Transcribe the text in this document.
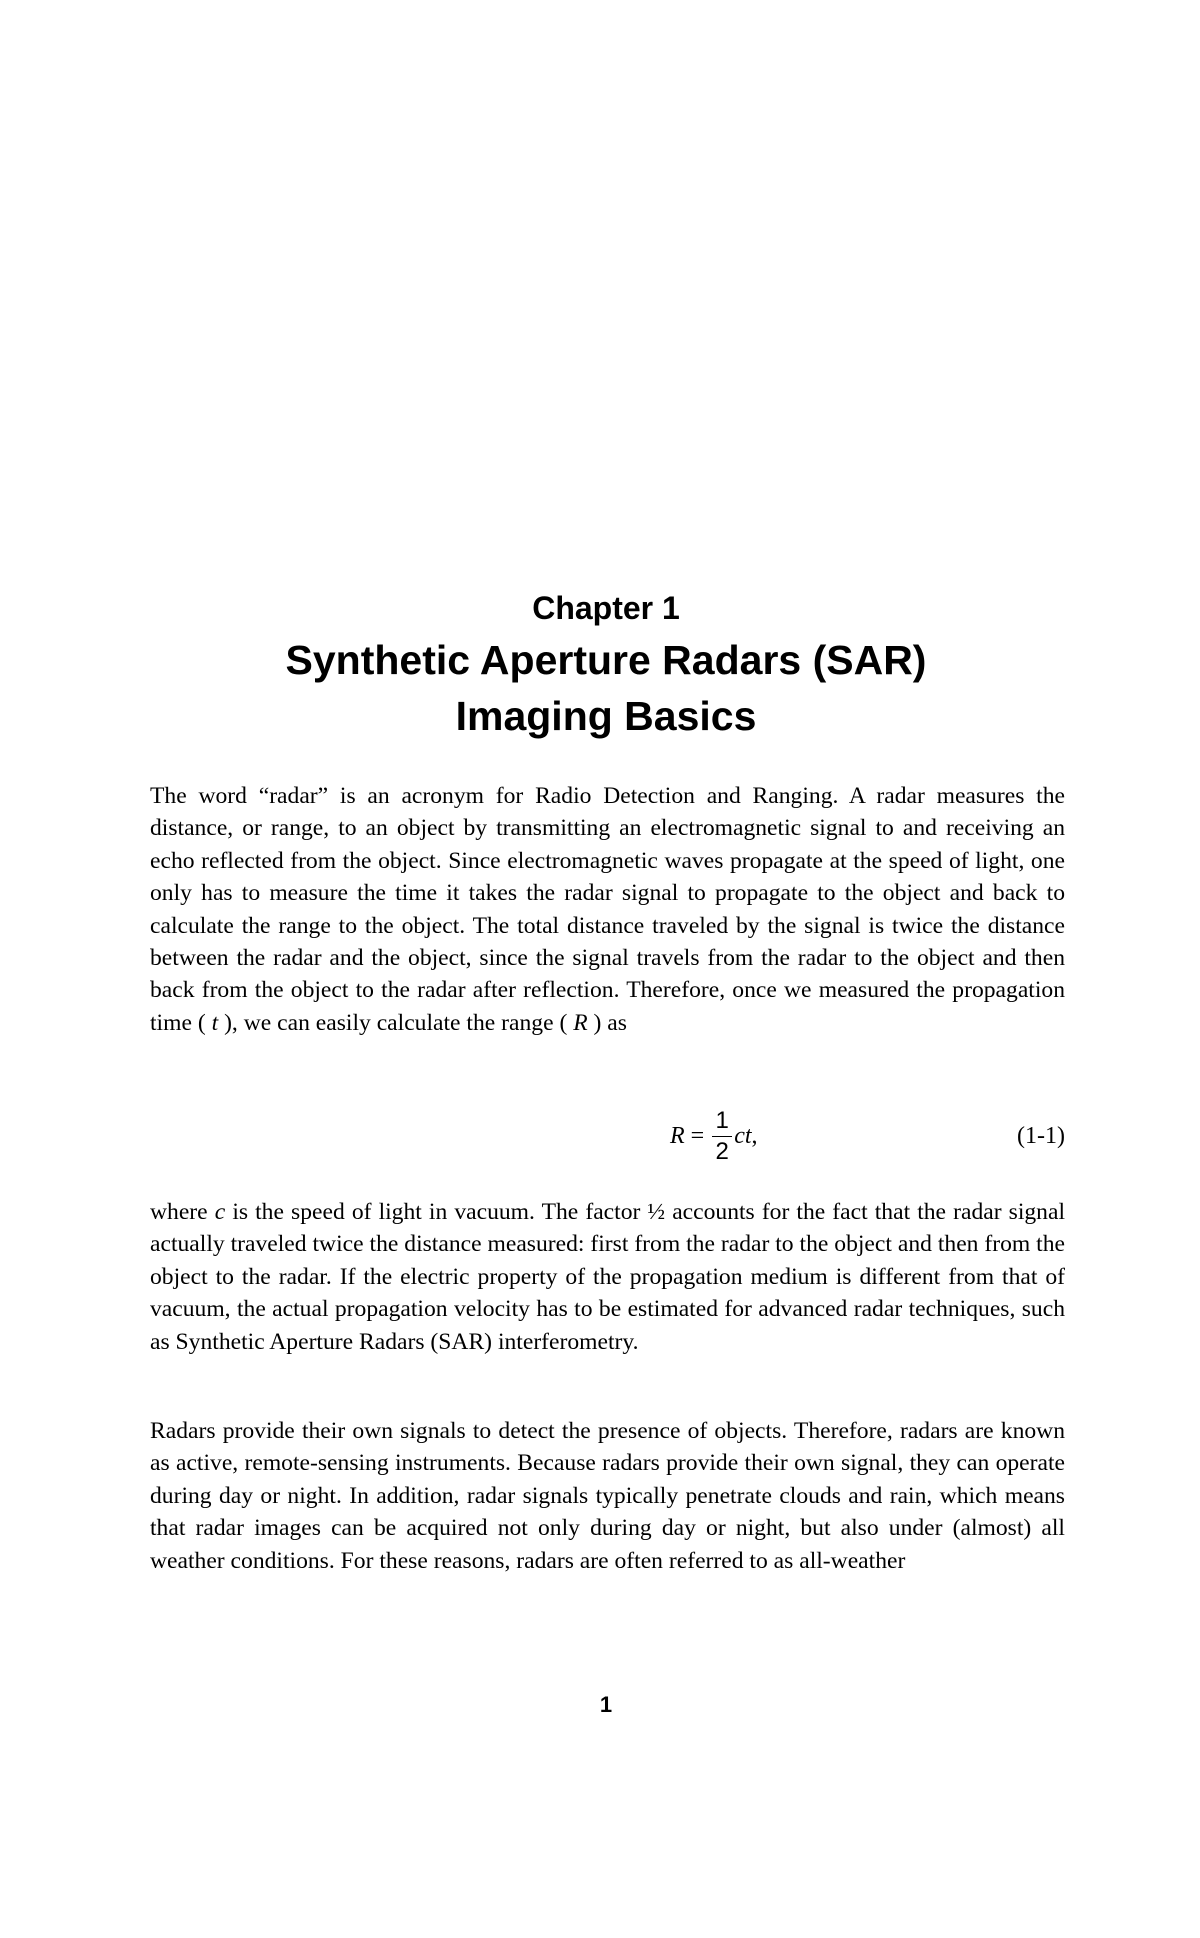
Chapter 1
Synthetic Aperture Radars (SAR)
Imaging Basics

The word “radar” is an acronym for Radio Detection and Ranging. A radar measures the distance, or range, to an object by transmitting an electromagnetic signal to and receiving an echo reflected from the object. Since electromagnetic waves propagate at the speed of light, one only has to measure the time it takes the radar signal to propagate to the object and back to calculate the range to the object. The total distance traveled by the signal is twice the distance between the radar and the object, since the signal travels from the radar to the object and then back from the object to the radar after reflection. Therefore, once we measured the propagation time ( t ), we can easily calculate the range ( R ) as

$R = \frac{1}{2}$ ct ,	(1-1)

where c is the speed of light in vacuum. The factor ½ accounts for the fact that the radar signal actually traveled twice the distance measured: first from the radar to the object and then from the object to the radar. If the electric property of the propagation medium is different from that of vacuum, the actual propagation velocity has to be estimated for advanced radar techniques, such as Synthetic Aperture Radars (SAR) interferometry.

Radars provide their own signals to detect the presence of objects. Therefore, radars are known as active, remote-sensing instruments. Because radars provide their own signal, they can operate during day or night. In addition, radar signals typically penetrate clouds and rain, which means that radar images can be acquired not only during day or night, but also under (almost) all weather conditions. For these reasons, radars are often referred to as all-weather

1
